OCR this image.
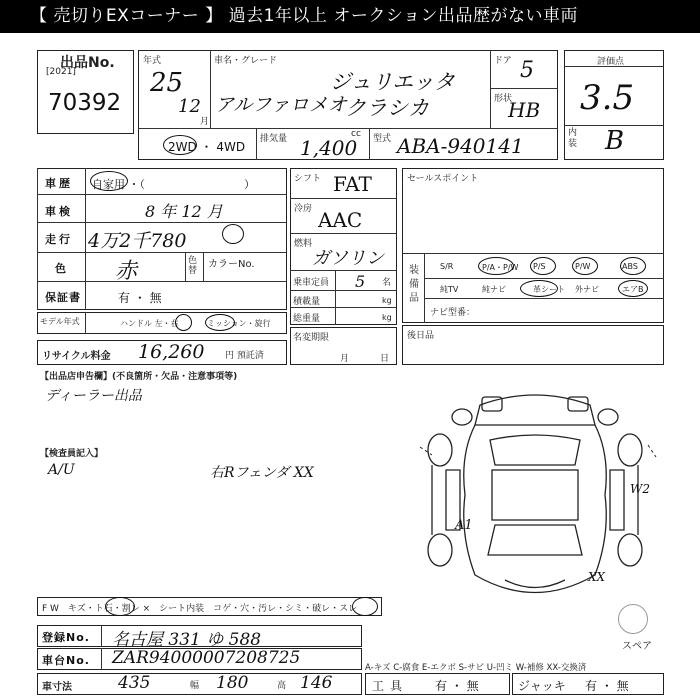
【 売切りEXコーナー 】 過去1年以上 オークション出品歴がない車両
出品No.
[2021]
70392
年式
25
12
月
車名・グレード
アルファロメオ
ジュリエッタ
クラシカ
ドア 5
形状
HB
2WD ・ 4WD
排気量 1,400
cc 型式 ABA-940141
評価点
3.5
内装 B
車歴 自家用 ・（　　　　　　　　　）
車検	8 年 12 月
走行 4万2千780
色 赤	色替
カラーNo.
保証書	有 ・ 無
モデル年式	ハンドル 左・右	ミッション・旋行
リサイクル料金 16,260 円 預託済
シフト FAT
冷房 AAC
燃料
ガソリン
乗車定員 5 名
積載量	kg
総重量	kg
名変期限
月	日
セールスポイント
装備品
S/R	P/A・P/W P/S	P/W	ABS
純TV	純ナビ	革シート 外ナビ	エアB
ナビ型番：
後日品
【出品店申告欄】(不良箇所・欠品・注意事項等)
ディーラー出品
【検査員記入】
A/U	右Rフェンダ XX
A1
W2
XX
スペア
F W　キズ・ト石・割レ ×　シート内装　コゲ・穴・汚レ・シミ・破レ・スレ
登録No. 名古屋 331 ゆ 588
車台No. ZAR94000007208725
車寸法	435	幅 180	高 146
A-キズ C-腐食 E-エクボ S-サビ U-凹ミ W-補修 XX-交換済
工具 有 ・ 無	ジャッキ 有 ・ 無
